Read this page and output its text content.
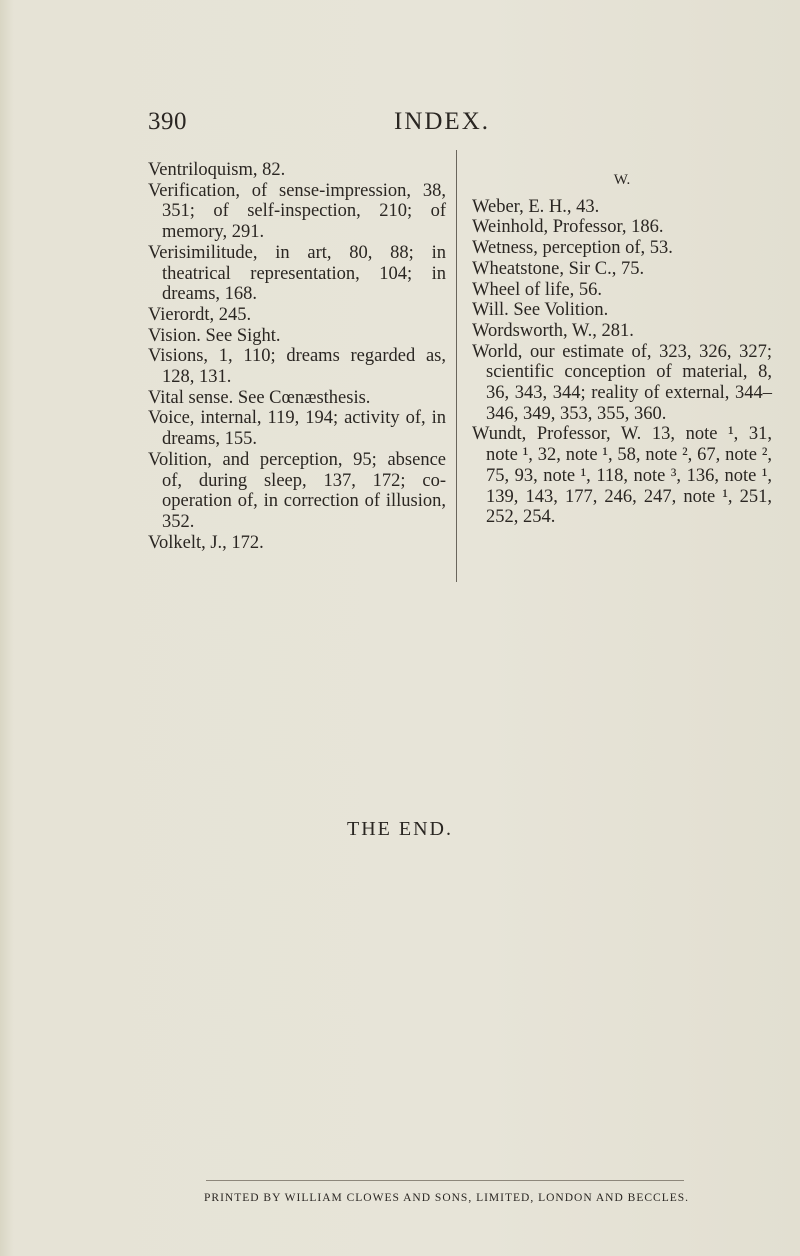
390	INDEX.

Ventriloquism, 82.

Verification, of sense-impression, 38, 351; of self-inspection, 210; of memory, 291.

Verisimilitude, in art, 80, 88; in theatrical representation, 104; in dreams, 168.

Vierordt, 245.

Vision. See Sight.

Visions, 1, 110; dreams regarded as, 128, 131.

Vital sense. See Cœnæsthesis.

Voice, internal, 119, 194; activity of, in dreams, 155.

Volition, and perception, 95; absence of, during sleep, 137, 172; co-operation of, in correction of illusion, 352.

Volkelt, J., 172.

W.

Weber, E. H., 43.

Weinhold, Professor, 186.

Wetness, perception of, 53.

Wheatstone, Sir C., 75.

Wheel of life, 56.

Will. See Volition.

Wordsworth, W., 281.

World, our estimate of, 323, 326, 327; scientific conception of material, 8, 36, 343, 344; reality of external, 344–346, 349, 353, 355, 360.

Wundt, Professor, W. 13, note ¹, 31, note ¹, 32, note ¹, 58, note ², 67, note ², 75, 93, note ¹, 118, note ³, 136, note ¹, 139, 143, 177, 246, 247, note ¹, 251, 252, 254.

THE END.
PRINTED BY WILLIAM CLOWES AND SONS, LIMITED, LONDON AND BECCLES.
